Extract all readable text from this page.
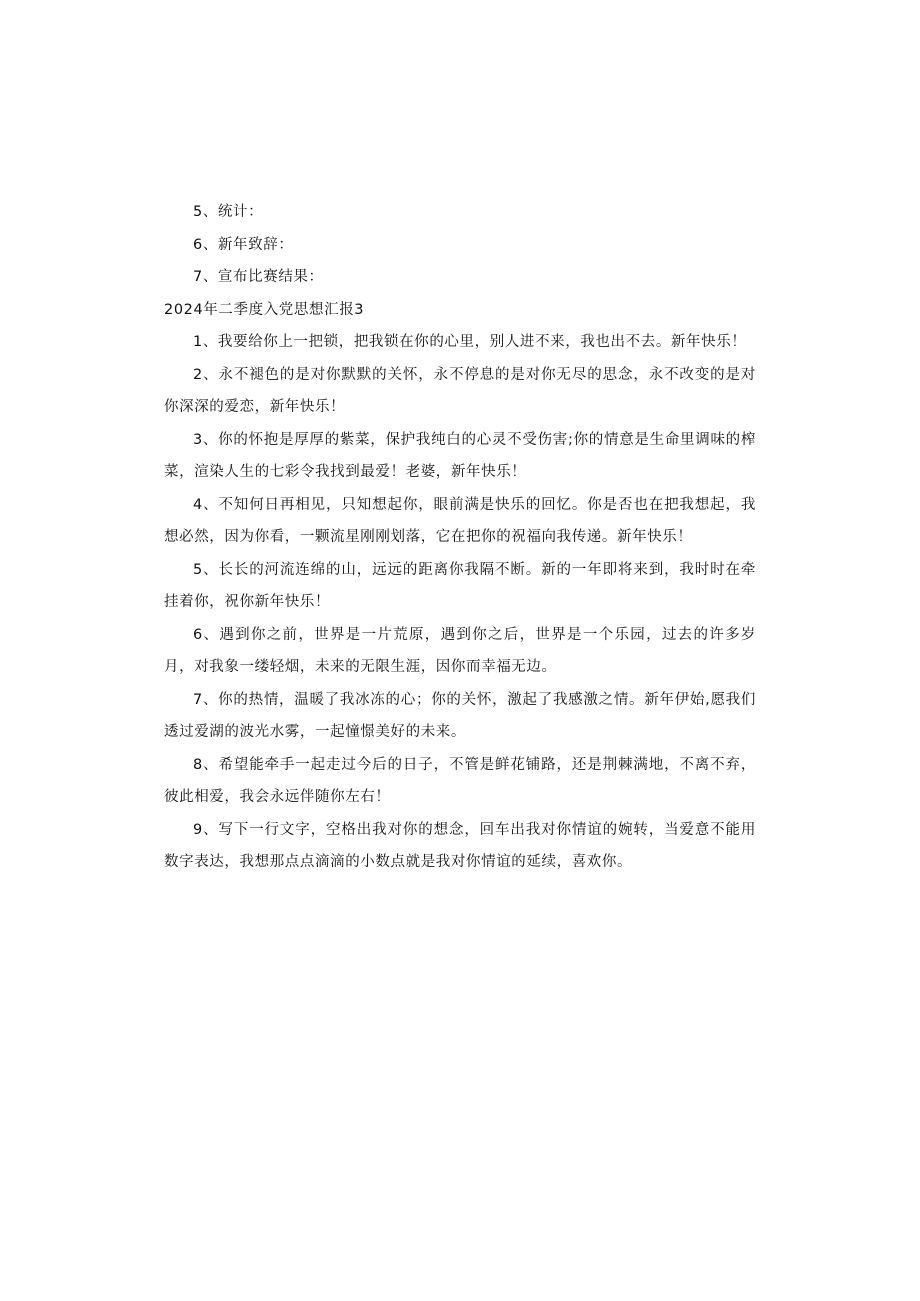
5、统计：

6、新年致辞：

7、宣布比赛结果：

2024年二季度入党思想汇报3

1、我要给你上一把锁，把我锁在你的心里，别人进不来，我也出不去。新年快乐！

2、永不褪色的是对你默默的关怀，永不停息的是对你无尽的思念，永不改变的是对你深深的爱恋，新年快乐！

3、你的怀抱是厚厚的紫菜，保护我纯白的心灵不受伤害;你的情意是生命里调味的榨菜，渲染人生的七彩令我找到最爱！老婆，新年快乐！

4、不知何日再相见，只知想起你，眼前满是快乐的回忆。你是否也在把我想起，我想必然，因为你看，一颗流星刚刚划落，它在把你的祝福向我传递。新年快乐！

5、长长的河流连绵的山，远远的距离你我隔不断。新的一年即将来到，我时时在牵挂着你，祝你新年快乐！

6、遇到你之前，世界是一片荒原，遇到你之后，世界是一个乐园，过去的许多岁月，对我象一缕轻烟，未来的无限生涯，因你而幸福无边。

7、你的热情，温暖了我冰冻的心；你的关怀，激起了我感激之情。新年伊始,愿我们透过爱湖的波光水雾，一起憧憬美好的未来。

8、希望能牵手一起走过今后的日子，不管是鲜花铺路，还是荆棘满地，不离不弃，彼此相爱，我会永远伴随你左右！

9、写下一行文字，空格出我对你的想念，回车出我对你情谊的婉转，当爱意不能用数字表达，我想那点点滴滴的小数点就是我对你情谊的延续，喜欢你。
